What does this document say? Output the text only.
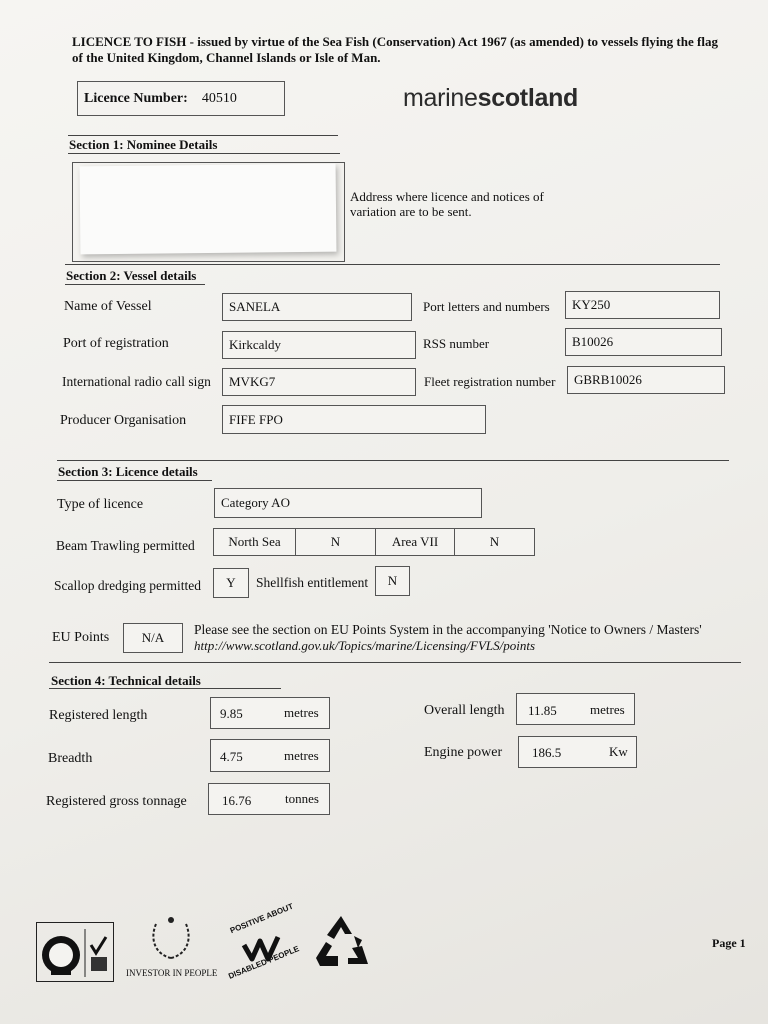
LICENCE TO FISH - issued by virtue of the Sea Fish (Conservation) Act 1967 (as amended) to vessels flying the flag of the United Kingdom, Channel Islands or Isle of Man.
Licence Number: 40510	marinescotland
Section 1: Nominee Details
Address where licence and notices of variation are to be sent.
Section 2: Vessel details
Name of Vessel	SANELA	Port letters and numbers	KY250
Port of registration	Kirkcaldy	RSS number	B10026
International radio call sign	MVKG7	Fleet registration number	GBRB10026
Producer Organisation	FIFE FPO
Section 3: Licence details
Type of licence	Category AO
Beam Trawling permitted	North Sea	N	Area VII	N
Scallop dredging permitted	Y	Shellfish entitlement	N
EU Points	N/A
Please see the section on EU Points System in the accompanying 'Notice to Owners / Masters'
http://www.scotland.gov.uk/Topics/marine/Licensing/FVLS/points
Section 4: Technical details
Registered length	9.85	metres	Overall length 11.85	metres
Breadth	4.75	metres	Engine power 186.5	Kw
Registered gross tonnage	16.76	tonnes
INVESTOR IN PEOPLE
POSITIVE ABOUT
DISABLED PEOPLE
Page 1
